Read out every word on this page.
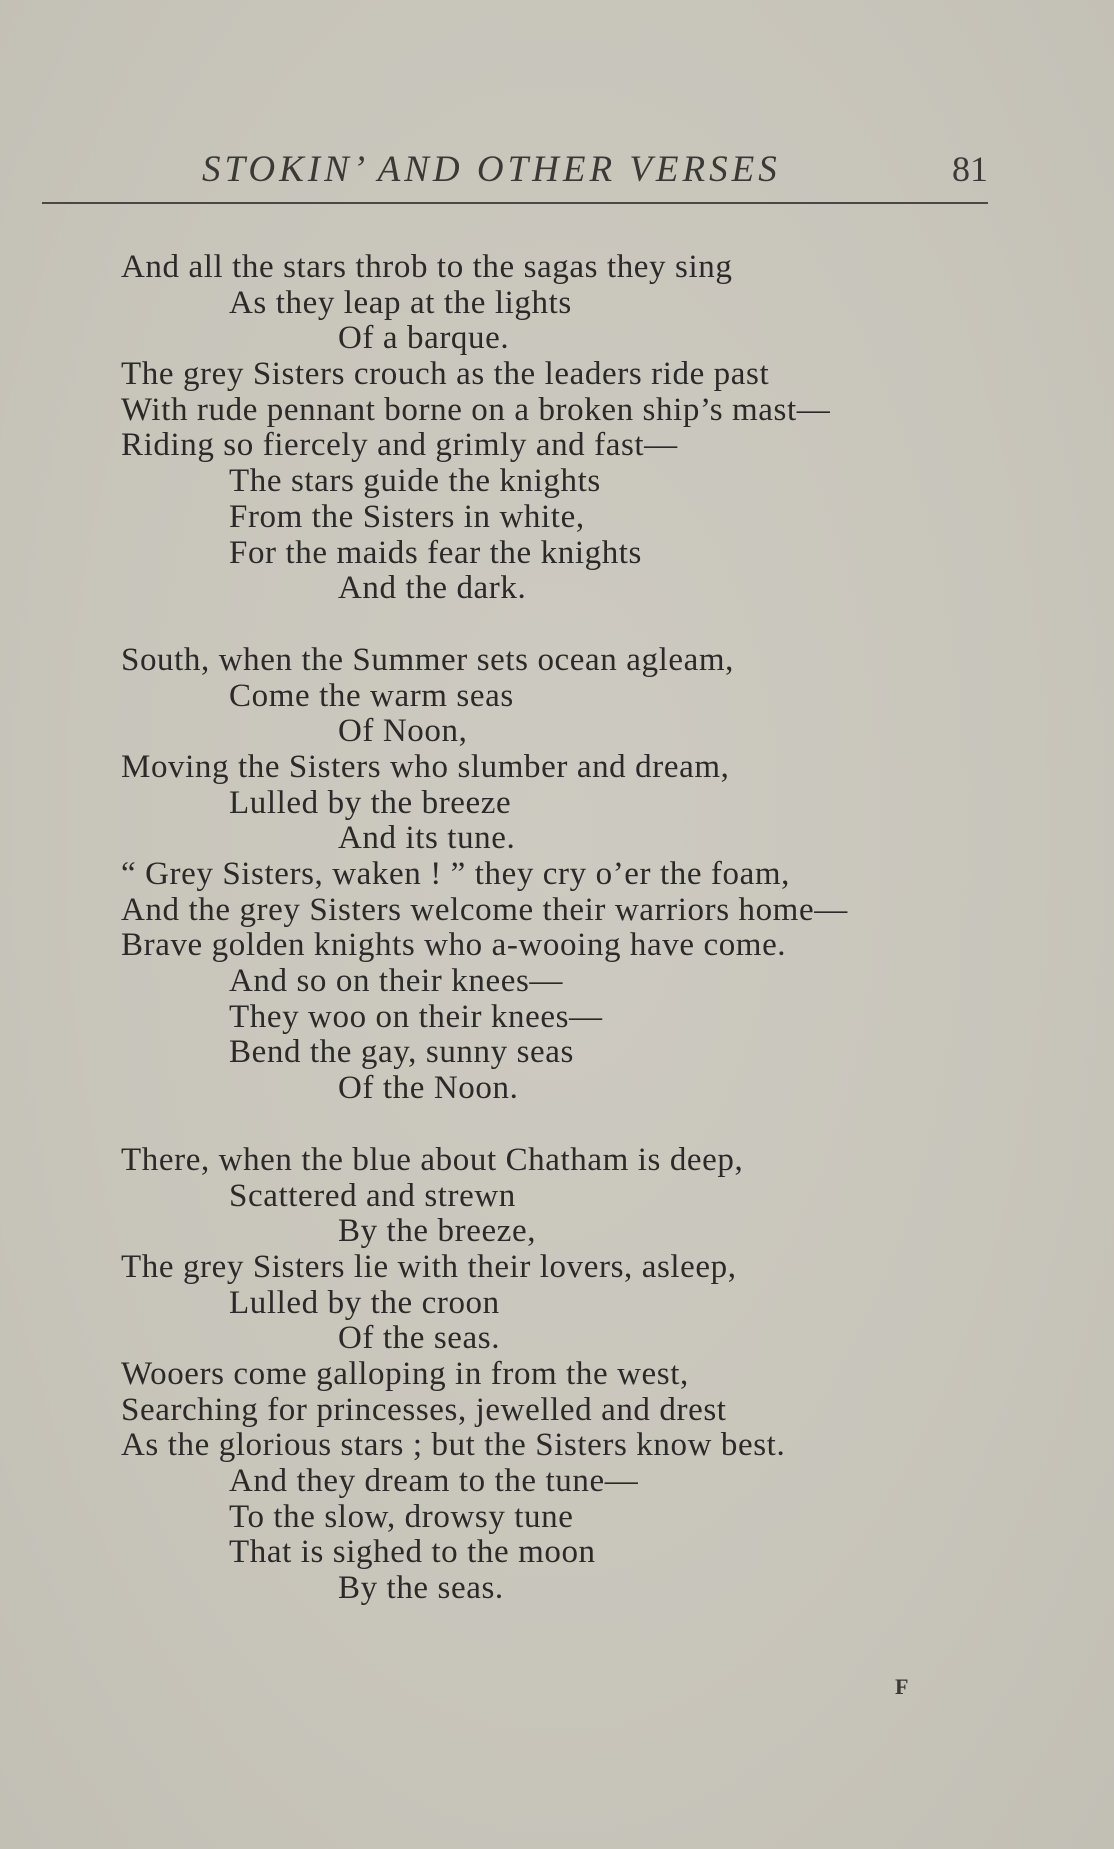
STOKIN’ AND OTHER VERSES	81
And all the stars throb to the sagas they sing
As they leap at the lights
Of a barque.
The grey Sisters crouch as the leaders ride past
With rude pennant borne on a broken ship’s mast—
Riding so fiercely and grimly and fast—
The stars guide the knights
From the Sisters in white,
For the maids fear the knights
And the dark.
South, when the Summer sets ocean agleam,
Come the warm seas
Of Noon,
Moving the Sisters who slumber and dream,
Lulled by the breeze
And its tune.
“ Grey Sisters, waken ! ” they cry o’er the foam,
And the grey Sisters welcome their warriors home—
Brave golden knights who a-wooing have come.
And so on their knees—
They woo on their knees—
Bend the gay, sunny seas
Of the Noon.
There, when the blue about Chatham is deep,
Scattered and strewn
By the breeze,
The grey Sisters lie with their lovers, asleep,
Lulled by the croon
Of the seas.
Wooers come galloping in from the west,
Searching for princesses, jewelled and drest
As the glorious stars ; but the Sisters know best.
And they dream to the tune—
To the slow, drowsy tune
That is sighed to the moon
By the seas.
F
